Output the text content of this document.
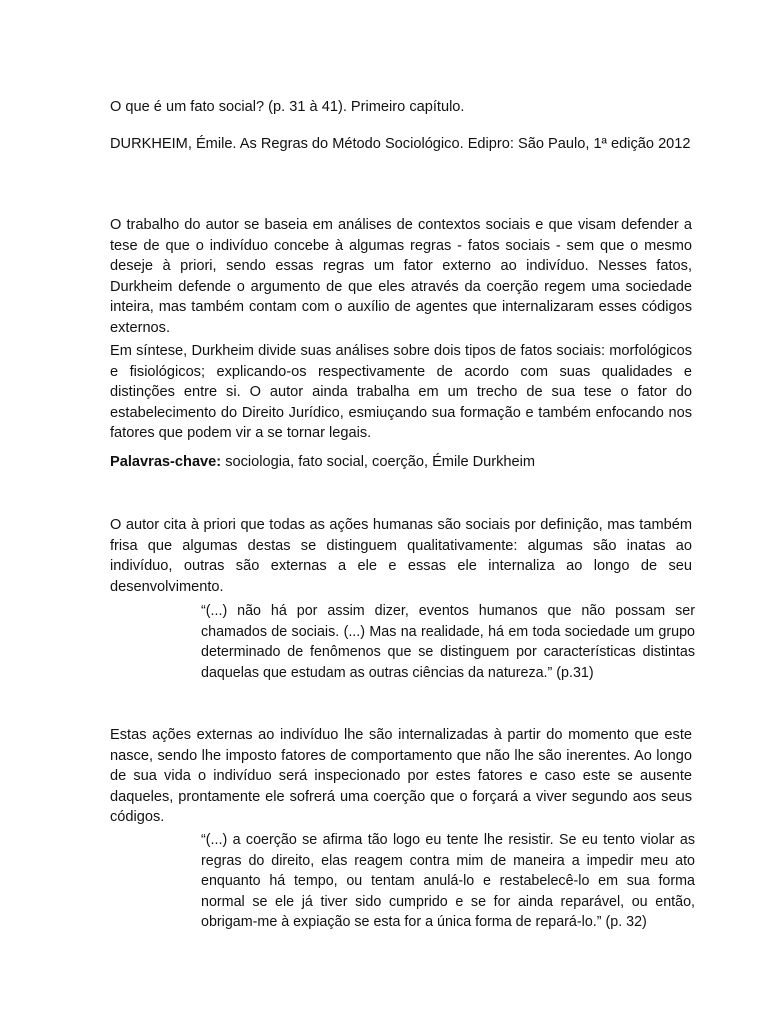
O que é um fato social? (p. 31 à 41). Primeiro capítulo.

DURKHEIM, Émile. As Regras do Método Sociológico. Edipro: São Paulo, 1ª edição 2012

O trabalho do autor se baseia em análises de contextos sociais e que visam defender a tese de que o indivíduo concebe à algumas regras - fatos sociais - sem que o mesmo deseje à priori, sendo essas regras um fator externo ao indivíduo. Nesses fatos, Durkheim defende o argumento de que eles através da coerção regem uma sociedade inteira, mas também contam com o auxílio de agentes que internalizaram esses códigos externos.

Em síntese, Durkheim divide suas análises sobre dois tipos de fatos sociais: morfológicos e fisiológicos; explicando-os respectivamente de acordo com suas qualidades e distinções entre si. O autor ainda trabalha em um trecho de sua tese o fator do estabelecimento do Direito Jurídico, esmiuçando sua formação e também enfocando nos fatores que podem vir a se tornar legais.

Palavras-chave: sociologia, fato social, coerção, Émile Durkheim

O autor cita à priori que todas as ações humanas são sociais por definição, mas também frisa que algumas destas se distinguem qualitativamente: algumas são inatas ao indivíduo, outras são externas a ele e essas ele internaliza ao longo de seu desenvolvimento.

“(...) não há por assim dizer, eventos humanos que não possam ser chamados de sociais. (...) Mas na realidade, há em toda sociedade um grupo determinado de fenômenos que se distinguem por características distintas daquelas que estudam as outras ciências da natureza.” (p.31)

Estas ações externas ao indivíduo lhe são internalizadas à partir do momento que este nasce, sendo lhe imposto fatores de comportamento que não lhe são inerentes. Ao longo de sua vida o indivíduo será inspecionado por estes fatores e caso este se ausente daqueles, prontamente ele sofrerá uma coerção que o forçará a viver segundo aos seus códigos.

“(...) a coerção se afirma tão logo eu tente lhe resistir. Se eu tento violar as regras do direito, elas reagem contra mim de maneira a impedir meu ato enquanto há tempo, ou tentam anulá-lo e restabelecê-lo em sua forma normal se ele já tiver sido cumprido e se for ainda reparável, ou então, obrigam-me à expiação se esta for a única forma de repará-lo.” (p. 32)
